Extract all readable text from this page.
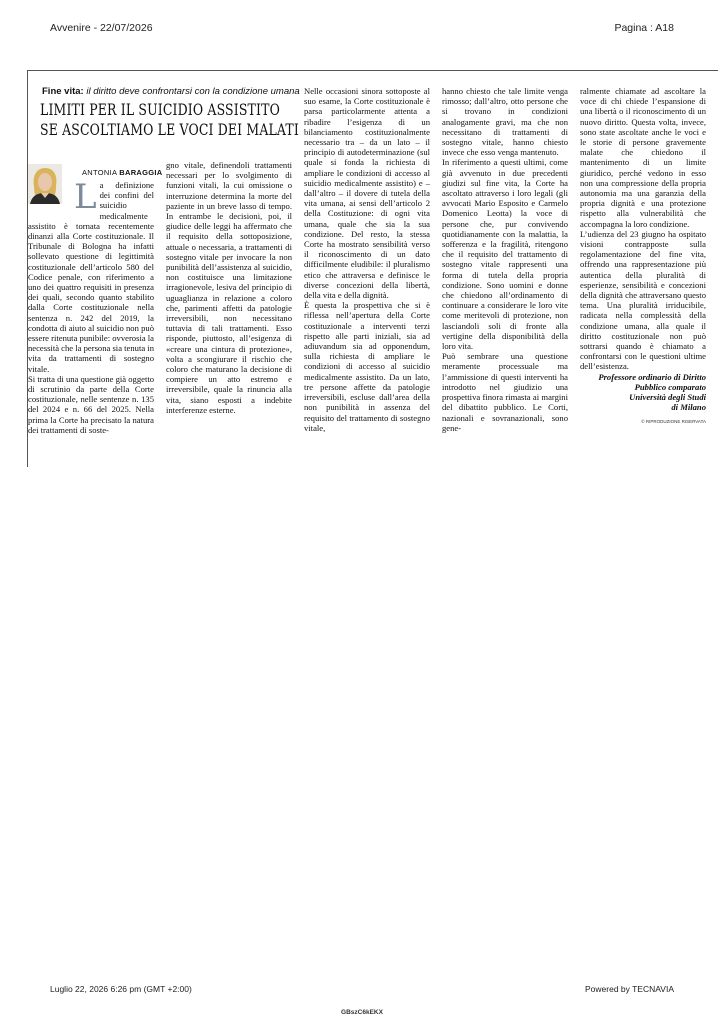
Avvenire - 22/07/2026	Pagina : A18
Fine vita: il diritto deve confrontarsi con la condizione umana
LIMITI PER IL SUICIDIO ASSISTITO
SE ASCOLTIAMO LE VOCI DEI MALATI
ANTONIA BARAGGIA

La definizione dei confini del suicidio medicalmente assistito è tornata recentemente dinanzi alla Corte costituzionale. Il Tribunale di Bologna ha infatti sollevato questione di legittimità costituzionale dell’articolo 580 del Codice penale, con riferimento a uno dei quattro requisiti in presenza dei quali, secondo quanto stabilito dalla Corte costituzionale nella sentenza n. 242 del 2019, la condotta di aiuto al suicidio non può essere ritenuta punibile: ovverosia la necessità che la persona sia tenuta in vita da trattamenti di sostegno vitale.

Si tratta di una questione già oggetto di scrutinio da parte della Corte costituzionale, nelle sentenze n. 135 del 2024 e n. 66 del 2025. Nella prima la Corte ha precisato la natura dei trattamenti di soste-

gno vitale, definendoli trattamenti necessari per lo svolgimento di funzioni vitali, la cui omissione o interruzione determina la morte del paziente in un breve lasso di tempo. In entrambe le decisioni, poi, il giudice delle leggi ha affermato che il requisito della sottoposizione, attuale o necessaria, a trattamenti di sostegno vitale per invocare la non punibilità dell’assistenza al suicidio, non costituisce una limitazione irragionevole, lesiva del principio di uguaglianza in relazione a coloro che, parimenti affetti da patologie irreversibili, non necessitano tuttavia di tali trattamenti. Esso risponde, piuttosto, all’esigenza di «creare una cintura di protezione», volta a scongiurare il rischio che coloro che maturano la decisione di compiere un atto estremo e irreversibile, quale la rinuncia alla vita, siano esposti a indebite interferenze esterne.

Nelle occasioni sinora sottoposte al suo esame, la Corte costituzionale è parsa particolarmente attenta a ribadire l’esigenza di un bilanciamento costituzionalmente necessario tra – da un lato – il principio di autodeterminazione (sul quale si fonda la richiesta di ampliare le condizioni di accesso al suicidio medicalmente assistito) e – dall’altro – il dovere di tutela della vita umana, ai sensi dell’articolo 2 della Costituzione: di ogni vita umana, quale che sia la sua condizione. Del resto, la stessa Corte ha mostrato sensibilità verso il riconoscimento di un dato difficilmente eludibile: il pluralismo etico che attraversa e definisce le diverse concezioni della libertà, della vita e della dignità.

È questa la prospettiva che si è riflessa nell’apertura della Corte costituzionale a interventi terzi rispetto alle parti iniziali, sia ad adiuvandum sia ad opponendum, sulla richiesta di ampliare le condizioni di accesso al suicidio medicalmente assistito. Da un lato, tre persone affette da patologie irreversibili, escluse dall’area della non punibilità in assenza del requisito del trattamento di sostegno vitale,

hanno chiesto che tale limite venga rimosso; dall’altro, otto persone che si trovano in condizioni analogamente gravi, ma che non necessitano di trattamenti di sostegno vitale, hanno chiesto invece che esso venga mantenuto.

In riferimento a questi ultimi, come già avvenuto in due precedenti giudizi sul fine vita, la Corte ha ascoltato attraverso i loro legali (gli avvocati Mario Esposito e Carmelo Domenico Leotta) la voce di persone che, pur convivendo quotidianamente con la malattia, la sofferenza e la fragilità, ritengono che il requisito del trattamento di sostegno vitale rappresenti una forma di tutela della propria condizione. Sono uomini e donne che chiedono all’ordinamento di continuare a considerare le loro vite come meritevoli di protezione, non lasciandoli soli di fronte alla vertigine della disponibilità della loro vita.

Può sembrare una questione meramente processuale ma l’ammissione di questi interventi ha introdotto nel giudizio una prospettiva finora rimasta ai margini del dibattito pubblico. Le Corti, nazionali e sovranazionali, sono gene-

ralmente chiamate ad ascoltare la voce di chi chiede l’espansione di una libertà o il riconoscimento di un nuovo diritto. Questa volta, invece, sono state ascoltate anche le voci e le storie di persone gravemente malate che chiedono il mantenimento di un limite giuridico, perché vedono in esso non una compressione della propria autonomia ma una garanzia della propria dignità e una protezione rispetto alla vulnerabilità che accompagna la loro condizione.

L’udienza del 23 giugno ha ospitato visioni contrapposte sulla regolamentazione del fine vita, offrendo una rappresentazione più autentica della pluralità di esperienze, sensibilità e concezioni della dignità che attraversano questo tema. Una pluralità irriducibile, radicata nella complessità della condizione umana, alla quale il diritto costituzionale non può sottrarsi quando è chiamato a confrontarsi con le questioni ultime dell’esistenza.

Professore ordinario di Diritto
Pubblico comparato
Università degli Studi
di Milano
© RIPRODUZIONE RISERVATA
Luglio 22, 2026 6:26 pm (GMT +2:00)	Powered by TECNAVIA
GBszC6kEKX
